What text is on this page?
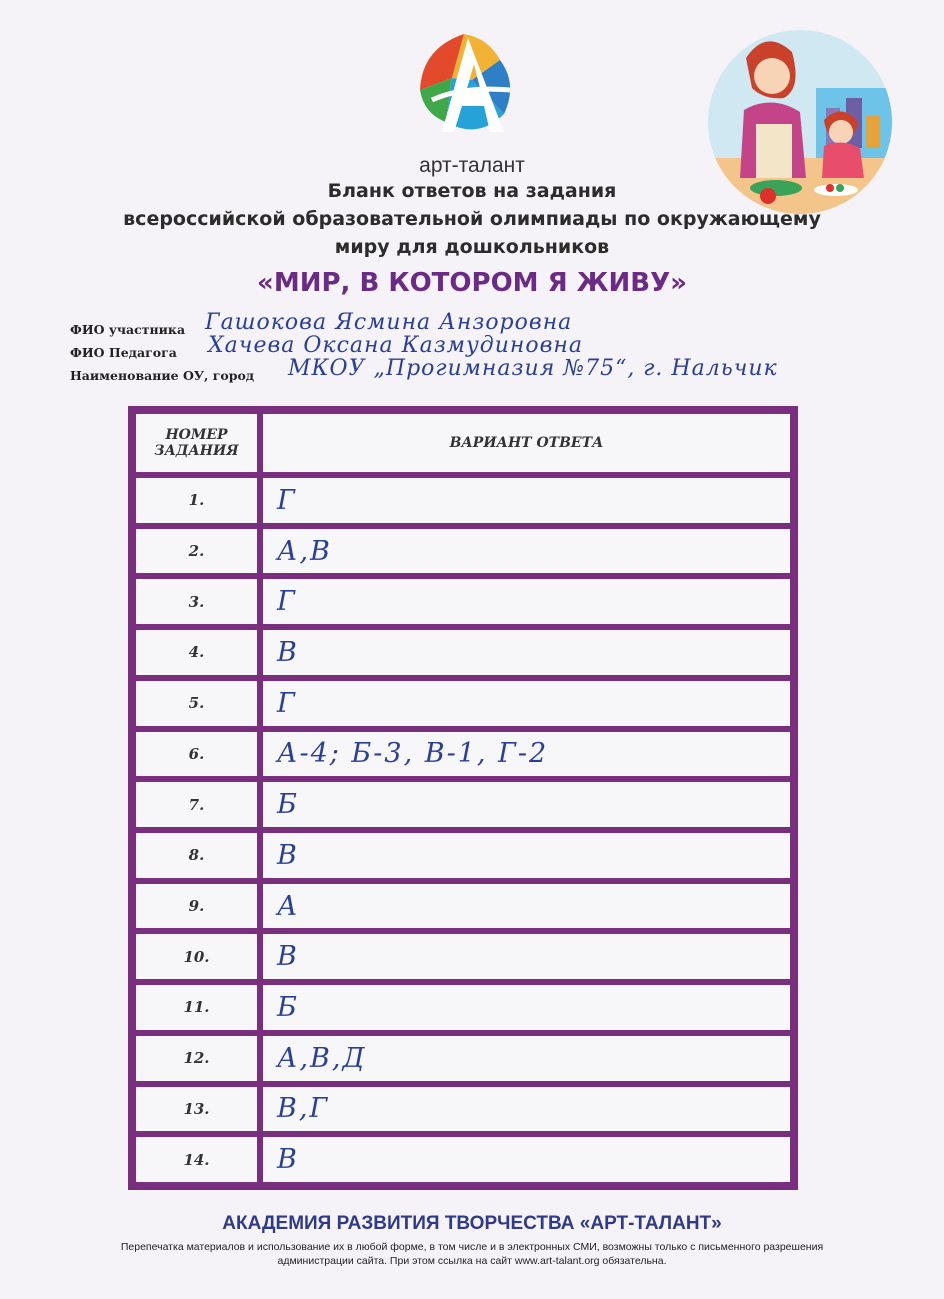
арт-талант
Бланк ответов на задания
всероссийской образовательной олимпиады по окружающему
миру для дошкольников
«МИР, В КОТОРОМ Я ЖИВУ»
ФИО участника Гашокова Ясмина Анзоровна
ФИО Педагога Хачева Оксана Казмудиновна
Наименование ОУ, город МКОУ „Прогимназия №75“, г. Нальчик
НОМЕР ЗАДАНИЯ
ВАРИАНТ ОТВЕТА
1.	Г
2.	А,В
3.	Г
4.	В
5.	Г
6.	А-4; Б-3, В-1, Г-2
7.	Б
8.	В
9.	А
10.	В
11.	Б
12.	А,В,Д
13.	В,Г
14.	В
АКАДЕМИЯ РАЗВИТИЯ ТВОРЧЕСТВА «АРТ-ТАЛАНТ»
Перепечатка материалов и использование их в любой форме, в том числе и в электронных СМИ, возможны только с письменного разрешения администрации сайта. При этом ссылка на сайт www.art-talant.org обязательна.
